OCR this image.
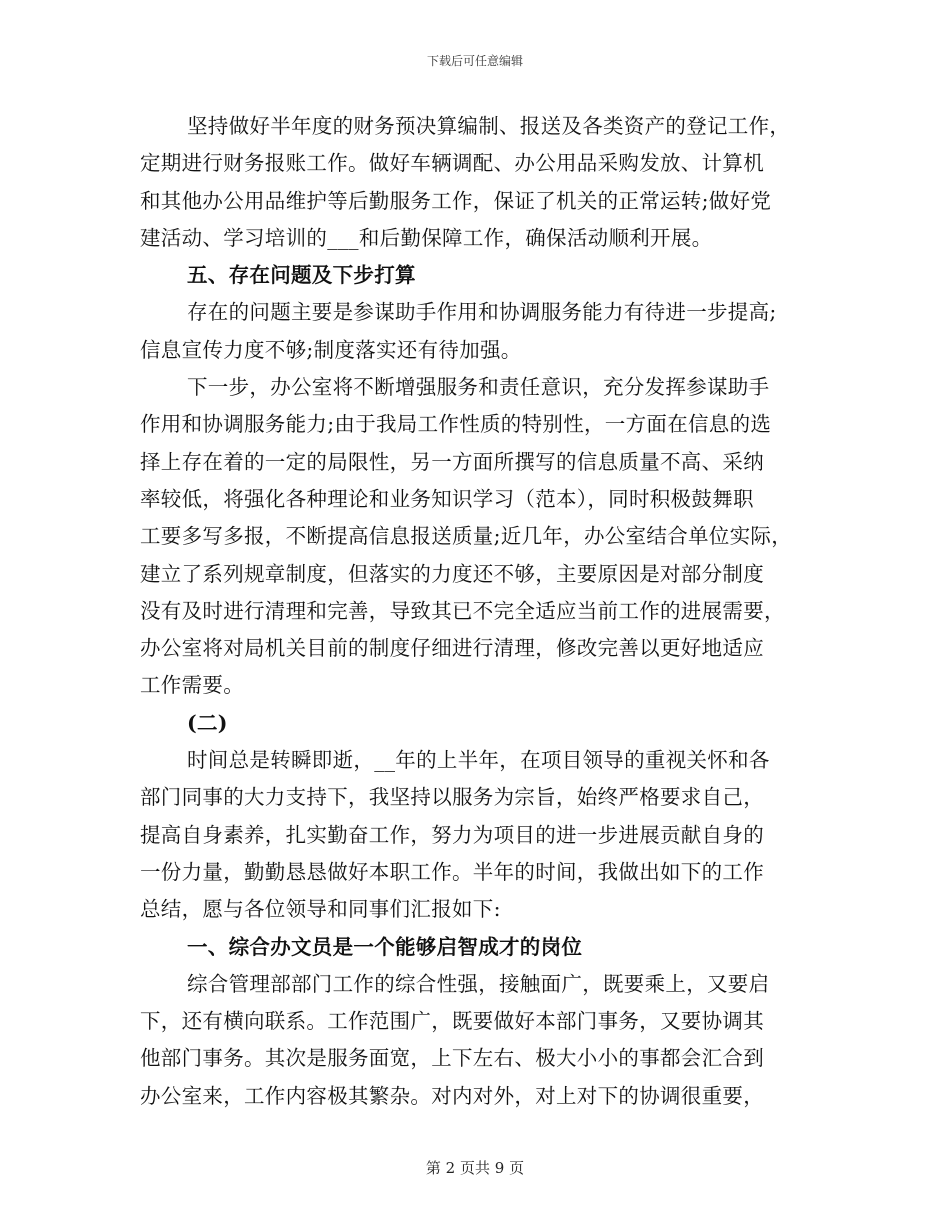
下载后可任意编辑
坚持做好半年度的财务预决算编制、报送及各类资产的登记工作，
定期进行财务报账工作。做好车辆调配、办公用品采购发放、计算机
和其他办公用品维护等后勤服务工作，保证了机关的正常运转;做好党
建活动、学习培训的___和后勤保障工作，确保活动顺利开展。
五、存在问题及下步打算
存在的问题主要是参谋助手作用和协调服务能力有待进一步提高;
信息宣传力度不够;制度落实还有待加强。
下一步，办公室将不断增强服务和责任意识，充分发挥参谋助手
作用和协调服务能力;由于我局工作性质的特别性，一方面在信息的选
择上存在着的一定的局限性，另一方面所撰写的信息质量不高、采纳
率较低，将强化各种理论和业务知识学习（范本），同时积极鼓舞职
工要多写多报，不断提高信息报送质量;近几年，办公室结合单位实际，
建立了系列规章制度，但落实的力度还不够，主要原因是对部分制度
没有及时进行清理和完善，导致其已不完全适应当前工作的进展需要，
办公室将对局机关目前的制度仔细进行清理，修改完善以更好地适应
工作需要。
(二)
时间总是转瞬即逝，__年的上半年，在项目领导的重视关怀和各
部门同事的大力支持下，我坚持以服务为宗旨，始终严格要求自己，
提高自身素养，扎实勤奋工作，努力为项目的进一步进展贡献自身的
一份力量，勤勤恳恳做好本职工作。半年的时间，我做出如下的工作
总结，愿与各位领导和同事们汇报如下:
一、综合办文员是一个能够启智成才的岗位
综合管理部部门工作的综合性强，接触面广，既要乘上，又要启
下，还有横向联系。工作范围广，既要做好本部门事务，又要协调其
他部门事务。其次是服务面宽，上下左右、极大小小的事都会汇合到
办公室来，工作内容极其繁杂。对内对外，对上对下的协调很重要，
第 2 页共 9 页
